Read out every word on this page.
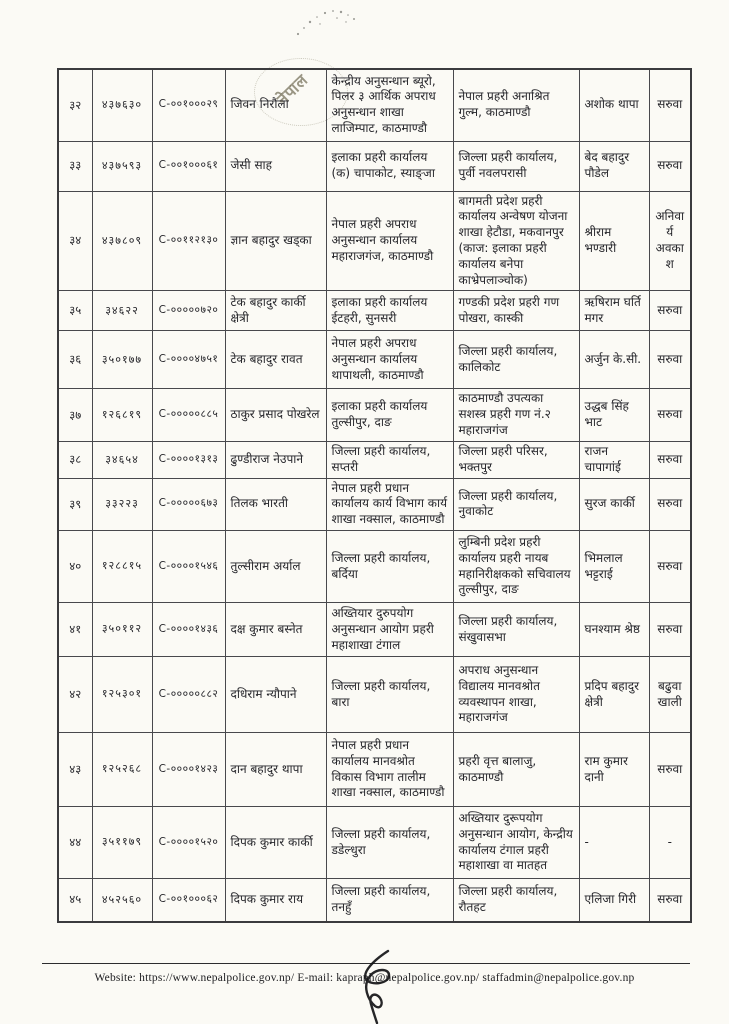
नेपाल
३२	४३७६३०	C-००१०००२९	जिवन निरौला	केन्द्रीय अनुसन्धान ब्यूरो, पिलर ३ आर्थिक अपराध अनुसन्धान शाखा लाजिम्पाट, काठमाण्डौ	नेपाल प्रहरी अनाश्रित गुल्म, काठमाण्डौ	अशोक थापा	सरुवा
३३	४३७५९३	C-००१०००६१	जेसी साह	इलाका प्रहरी कार्यालय (क) चापाकोट, स्याङ्जा	जिल्ला प्रहरी कार्यालय, पुर्वी नवलपरासी	बेद बहादुर पौडेल	सरुवा
३४	४३७८०९	C-००११२१३०	ज्ञान बहादुर खड्का	नेपाल प्रहरी अपराध अनुसन्धान कार्यालय महाराजगंज, काठमाण्डौ	बागमती प्रदेश प्रहरी कार्यालय अन्वेषण योजना शाखा हेटौडा, मकवानपुर (काज: इलाका प्रहरी कार्यालय बनेपा काभ्रेपलाञ्चोक)	श्रीराम भण्डारी	अनिवार्य अवकाश
३५	३४६२२	C-०००००७२०	टेक बहादुर कार्की क्षेत्री	इलाका प्रहरी कार्यालय ईटहरी, सुनसरी	गण्डकी प्रदेश प्रहरी गण पोखरा, कास्की	ऋषिराम घर्ति मगर	सरुवा
३६	३५०१७७	C-००००४७५१	टेक बहादुर रावत	नेपाल प्रहरी अपराध अनुसन्धान कार्यालय थापाथली, काठमाण्डौ	जिल्ला प्रहरी कार्यालय, कालिकोट	अर्जुन के.सी.	सरुवा
३७	१२६८१९	C-०००००८८५	ठाकुर प्रसाद पोखरेल	इलाका प्रहरी कार्यालय तुल्सीपुर, दाङ	काठमाण्डौ उपत्यका सशस्त्र प्रहरी गण नं.२ महाराजगंज	उद्धब सिंह भाट	सरुवा
३८	३४६५४	C-००००१३१३	ढुण्डीराज नेउपाने	जिल्ला प्रहरी कार्यालय, सप्तरी	जिल्ला प्रहरी परिसर, भक्तपुर	राजन चापागांई	सरुवा
३९	३३२२३	C-०००००६७३	तिलक भारती	नेपाल प्रहरी प्रधान कार्यालय कार्य विभाग कार्य शाखा नक्साल, काठमाण्डौ	जिल्ला प्रहरी कार्यालय, नुवाकोट	सुरज कार्की	सरुवा
४०	१२८८१५	C-००००१५४६	तुल्सीराम अर्याल	जिल्ला प्रहरी कार्यालय, बर्दिया	लुम्बिनी प्रदेश प्रहरी कार्यालय प्रहरी नायब महानिरीक्षकको सचिवालय तुल्सीपुर, दाङ	भिमलाल भट्टराई	सरुवा
४१	३५०११२	C-००००१४३६	दक्ष कुमार बस्नेत	अख्तियार दुरुपयोग अनुसन्धान आयोग प्रहरी महाशाखा टंगाल	जिल्ला प्रहरी कार्यालय, संखुवासभा	घनश्याम श्रेष्ठ	सरुवा
४२	१२५३०१	C-०००००८८२	दधिराम न्यौपाने	जिल्ला प्रहरी कार्यालय, बारा	अपराध अनुसन्धान विद्यालय मानवश्रोत व्यवस्थापन शाखा, महाराजगंज	प्रदिप बहादुर क्षेत्री	बढुवा खाली
४३	१२५२६८	C-००००१४२३	दान बहादुर थापा	नेपाल प्रहरी प्रधान कार्यालय मानवश्रोत विकास विभाग तालीम शाखा नक्साल, काठमाण्डौ	प्रहरी वृत्त बालाजु, काठमाण्डौ	राम कुमार दानी	सरुवा
४४	३५११७९	C-००००१५२०	दिपक कुमार कार्की	जिल्ला प्रहरी कार्यालय, डडेल्धुरा	अख्तियार दुरूपयोग अनुसन्धान आयोग, केन्द्रीय कार्यालय टंगाल प्रहरी महाशाखा वा मातहत	-	-
४५	४५२५६०	C-००१०००६२	दिपक कुमार राय	जिल्ला प्रहरी कार्यालय, तनहुँ	जिल्ला प्रहरी कार्यालय, रौतहट	एलिजा गिरी	सरुवा
Website: https://www.nepalpolice.gov.np/ E-mail: kapraph@nepalpolice.gov.np/ staffadmin@nepalpolice.gov.np
